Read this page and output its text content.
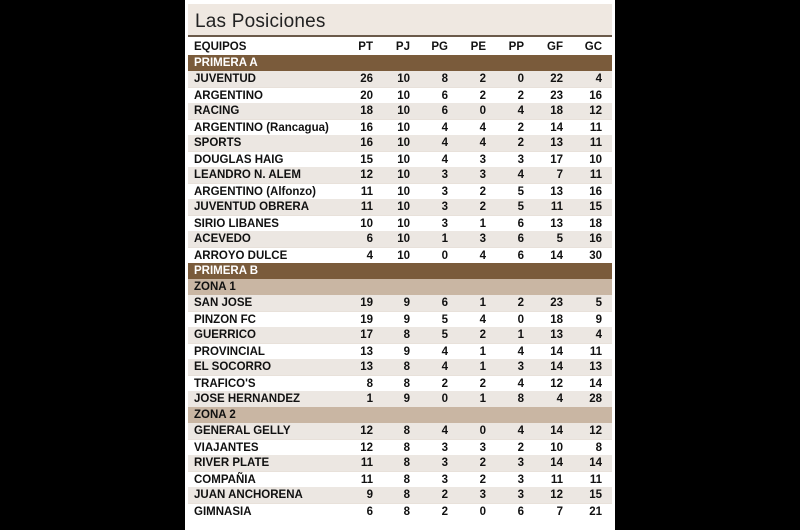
Las Posiciones
EQUIPOS	PT	PJ	PG	PE	PP	GF	GC
PRIMERA A
JUVENTUD	26	10	8	2	0	22	4
ARGENTINO	20	10	6	2	2	23	16
RACING	18	10	6	0	4	18	12
ARGENTINO (Rancagua)	16	10	4	4	2	14	11
SPORTS	16	10	4	4	2	13	11
DOUGLAS HAIG	15	10	4	3	3	17	10
LEANDRO N. ALEM	12	10	3	3	4	7	11
ARGENTINO (Alfonzo)	11	10	3	2	5	13	16
JUVENTUD OBRERA	11	10	3	2	5	11	15
SIRIO LIBANES	10	10	3	1	6	13	18
ACEVEDO	6	10	1	3	6	5	16
ARROYO DULCE	4	10	0	4	6	14	30
PRIMERA B
ZONA 1
SAN JOSE	19	9	6	1	2	23	5
PINZON FC	19	9	5	4	0	18	9
GUERRICO	17	8	5	2	1	13	4
PROVINCIAL	13	9	4	1	4	14	11
EL SOCORRO	13	8	4	1	3	14	13
TRAFICO'S	8	8	2	2	4	12	14
JOSE HERNANDEZ	1	9	0	1	8	4	28
ZONA 2
GENERAL GELLY	12	8	4	0	4	14	12
VIAJANTES	12	8	3	3	2	10	8
RIVER PLATE	11	8	3	2	3	14	14
COMPAÑIA	11	8	3	2	3	11	11
JUAN ANCHORENA	9	8	2	3	3	12	15
GIMNASIA	6	8	2	0	6	7	21
